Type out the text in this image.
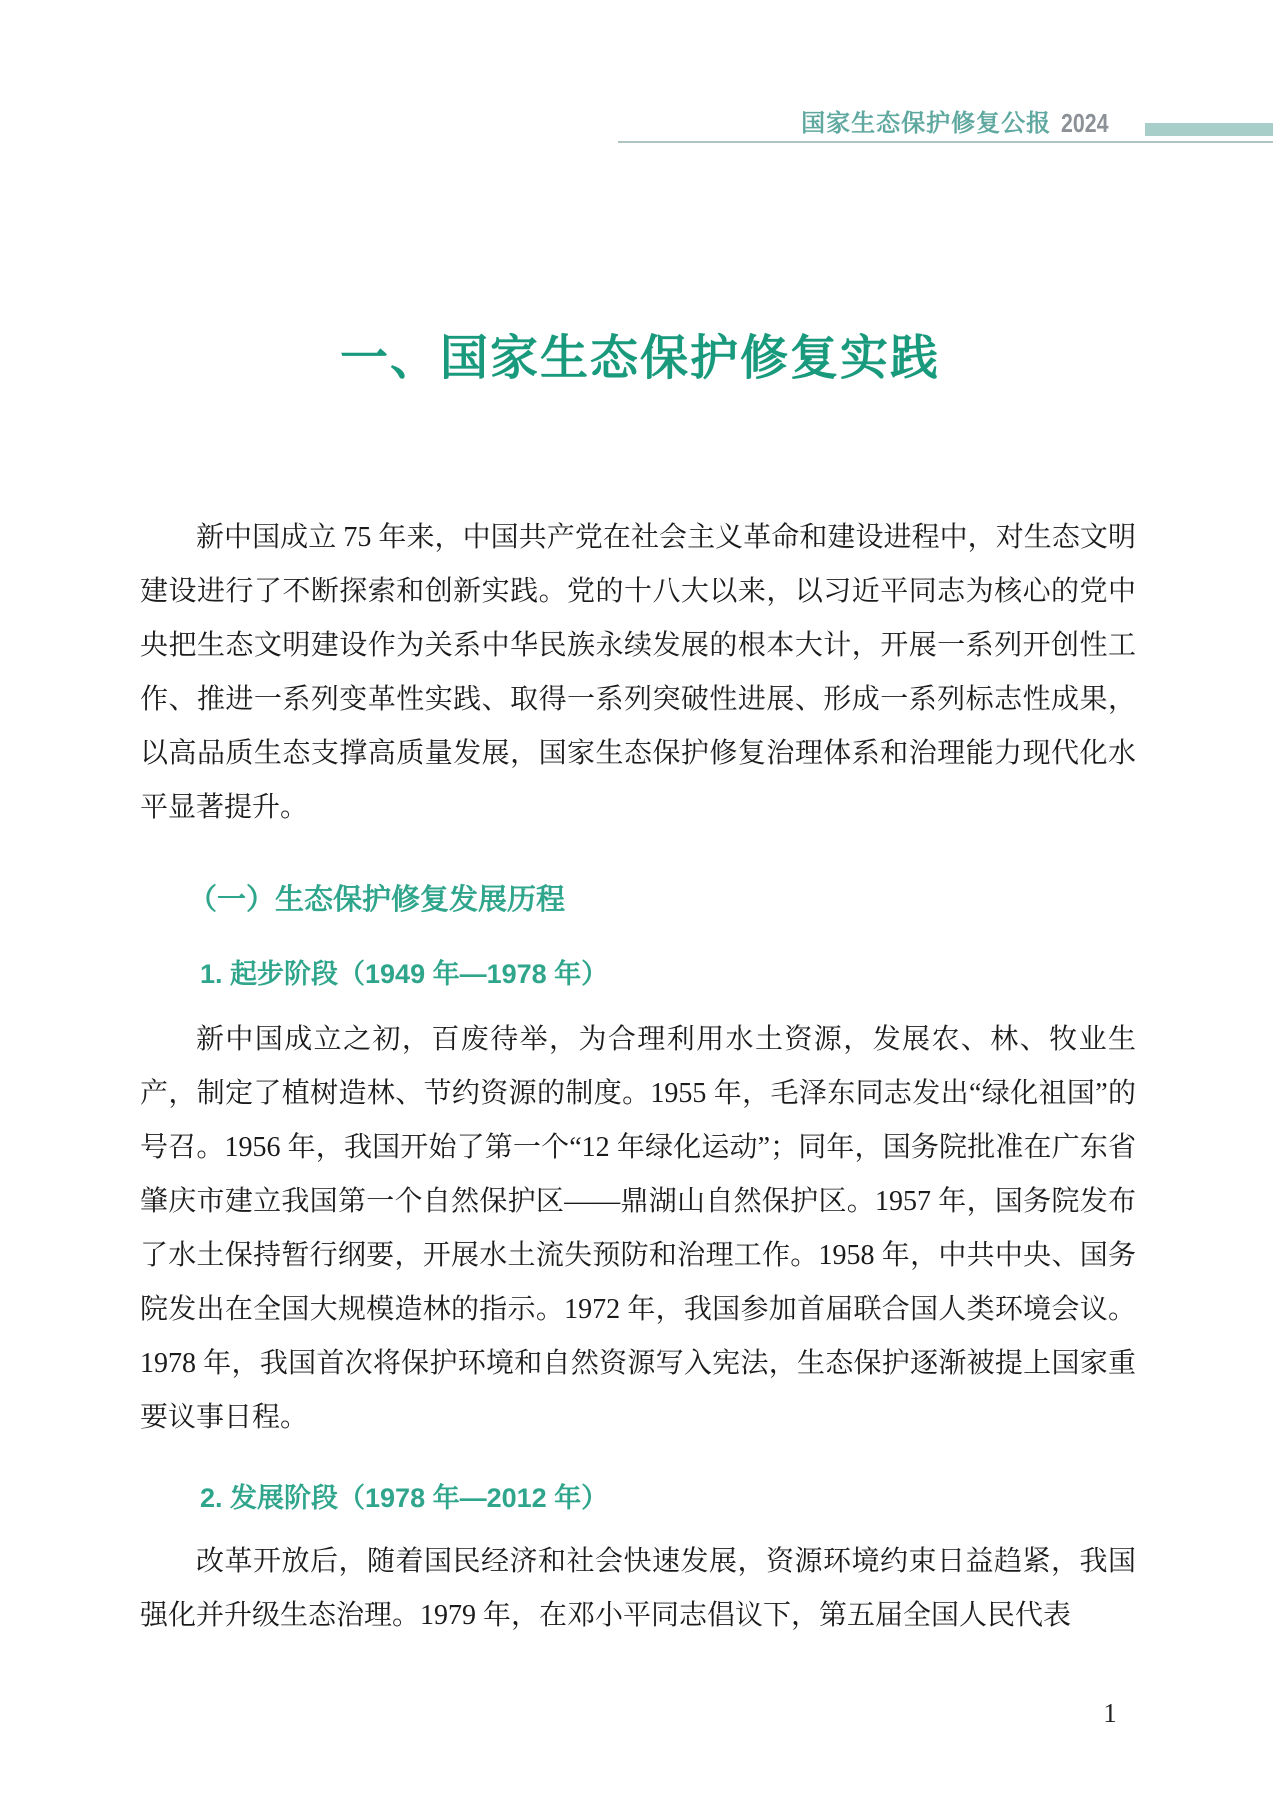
国家生态保护修复公报 2024
一、国家生态保护修复实践

新中国成立 75 年来，中国共产党在社会主义革命和建设进程中，对生态文明建设进行了不断探索和创新实践。党的十八大以来，以习近平同志为核心的党中央把生态文明建设作为关系中华民族永续发展的根本大计，开展一系列开创性工作、推进一系列变革性实践、取得一系列突破性进展、形成一系列标志性成果，以高品质生态支撑高质量发展，国家生态保护修复治理体系和治理能力现代化水平显著提升。

（一）生态保护修复发展历程
1. 起步阶段（1949 年—1978 年）

新中国成立之初，百废待举，为合理利用水土资源，发展农、林、牧业生产，制定了植树造林、节约资源的制度。1955 年，毛泽东同志发出“绿化祖国”的号召。1956 年，我国开始了第一个“12 年绿化运动”；同年，国务院批准在广东省肇庆市建立我国第一个自然保护区——鼎湖山自然保护区。1957 年，国务院发布了水土保持暂行纲要，开展水土流失预防和治理工作。1958 年，中共中央、国务院发出在全国大规模造林的指示。1972 年，我国参加首届联合国人类环境会议。1978 年，我国首次将保护环境和自然资源写入宪法，生态保护逐渐被提上国家重要议事日程。

2. 发展阶段（1978 年—2012 年）

改革开放后，随着国民经济和社会快速发展，资源环境约束日益趋紧，我国强化并升级生态治理。1979 年，在邓小平同志倡议下，第五届全国人民代表

1
